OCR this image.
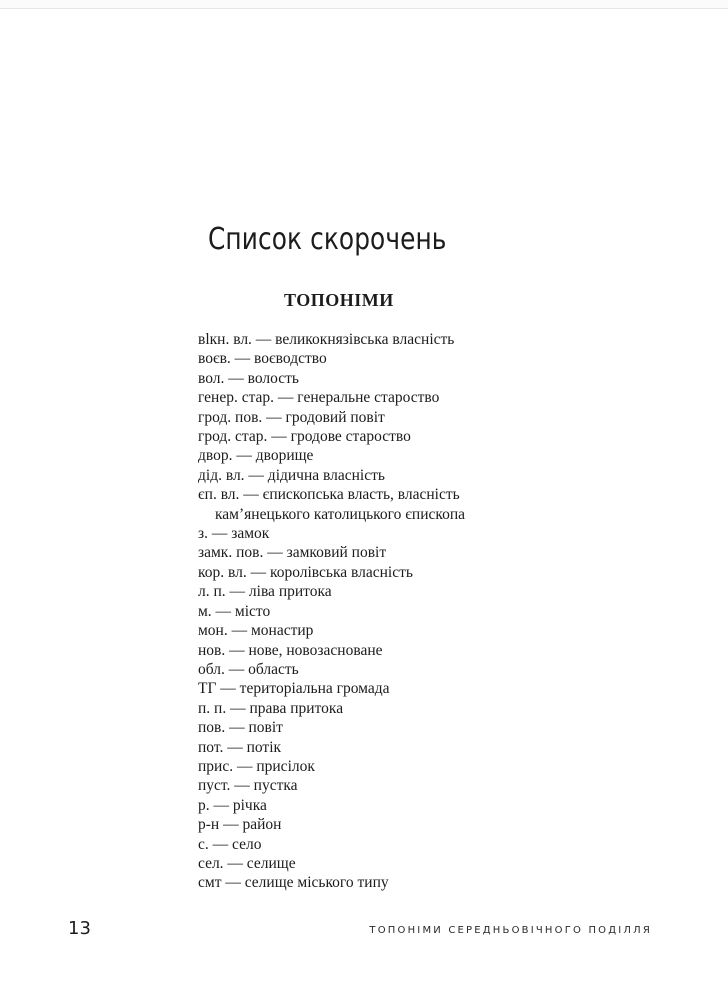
Список скорочень
ТОПОНІМИ
вlкн. вл. — великокнязівська власність
воєв. — воєводство
вол. — волость
генер. стар. — генеральне староство
грод. пов. — гродовий повіт
грод. стар. — гродове староство
двор. — дворище
дід. вл. — дідична власність
єп. вл. — єпископська власть, власність
кам’янецького католицького єпископа
з. — замок
замк. пов. — замковий повіт
кор. вл. — королівська власність
л. п. — ліва притока
м. — місто
мон. — монастир
нов. — нове, новозасноване
обл. — область
ТГ — територіальна громада
п. п. — права притока
пов. — повіт
пот. — потік
прис. — присілок
пуст. — пустка
р. — річка
р-н — район
с. — село
сел. — селище
смт — селище міського типу
13	ТОПОНІМИ СЕРЕДНЬОВІЧНОГО ПОДІЛЛЯ
